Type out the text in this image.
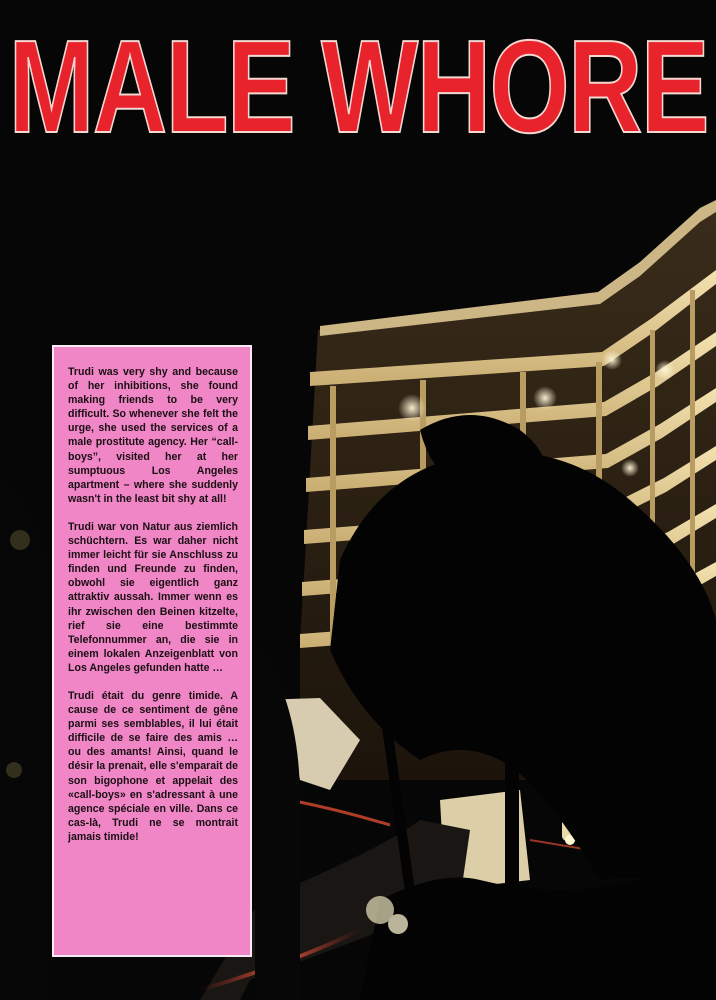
MALE WHORE

Trudi was very shy and because of her inhibitions, she found making friends to be very difficult. So whenever she felt the urge, she used the services of a male prostitute agency. Her “call-boys”, visited her at her sumptuous Los Angeles apartment – where she suddenly wasn't in the least bit shy at all!

Trudi war von Natur aus ziemlich schüchtern. Es war daher nicht immer leicht für sie Anschluss zu finden und Freunde zu finden, obwohl sie eigentlich ganz attraktiv aussah. Immer wenn es ihr zwischen den Beinen kitzelte, rief sie eine bestimmte Telefonnummer an, die sie in einem lokalen Anzeigenblatt von Los Angeles gefunden hatte …

Trudi était du genre timide. A cause de ce sentiment de gêne parmi ses semblables, il lui était difficile de se faire des amis … ou des amants! Ainsi, quand le désir la prenait, elle s'emparait de son bigophone et appelait des «call-boys» en s'adressant à une agence spéciale en ville. Dans ce cas-là, Trudi ne se montrait jamais timide!
